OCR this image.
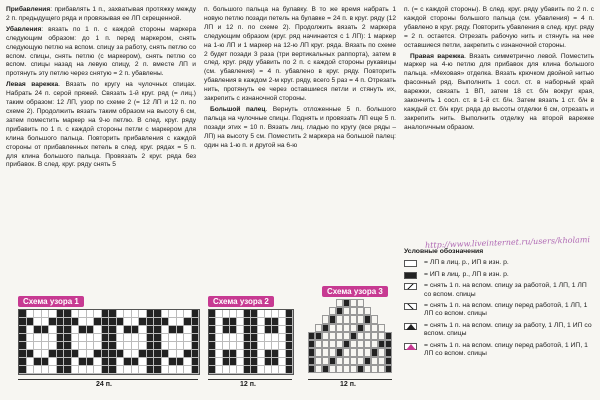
Прибавления: прибавлять 1 п., захватывая протяжку между 2 п. предыдущего ряда и провязывая ее ЛП скрещенной.

Убавления: вязать по 1 п. с каждой стороны маркера следующим образом: до 1 п. перед маркером, снять следующую петлю на вспом. спицу за работу, снять петлю со вспом. спицы, снять петлю (с маркером), снять петлю со вспом. спицы назад на левую спицу, 2 п. вместе ЛП и протянуть эту петлю через снятую = 2 п. убавлены.

Левая варежка. Вязать по кругу на чулочных спицах. Набрать 24 п. серой пряжей. Связать 1-й круг. ряд (= лиц.) таким образом: 12 ЛП, узор по схеме 2 (= 12 ЛП и 12 п. по схеме 2). Продолжить вязать таким образом на высоту 6 см, затем поместить маркер на 9-ю петлю. В след. круг. ряду прибавить по 1 п. с каждой стороны петли с маркером для клина большого пальца. Повторить прибавления с каждой стороны от прибавленных петель в след. круг. рядах = 5 п. для клина большого пальца. Провязать 2 круг. ряда без прибавок. В след. круг. ряду снять 5

п. большого пальца на булавку. В то же время набрать 1 новую петлю позади петель на булавке = 24 п. в круг. ряду (12 ЛП и 12 п. по схеме 2). Продолжить вязать 2 маркера следующим образом (круг. ряд начинается с 1 ЛП): 1 маркер на 1-ю ЛП и 1 маркер на 12-ю ЛП круг. ряда. Вязать по схеме 2 будет позади 3 раза (три вертикальных раппорта), затем в след. круг. ряду убавить по 2 п. с каждой стороны рукавицы (см. убавления) = 4 п. убавлено в круг. ряду. Повторить убавления в каждом 2-м круг. ряду, всего 5 раз = 4 п. Отрезать нить, протянуть ее через оставшиеся петли и стянуть их, закрепить с изнаночной стороны.

Большой палец. Вернуть отложенные 5 п. большого пальца на чулочные спицы. Поднять и провязать ЛП еще 5 п. позади этих = 10 п. Вязать лиц. гладью по кругу (все ряды – ЛП) на высоту 5 см. Поместить 2 маркера на большой палец: один на 1-ю п. и другой на 6-ю

п. (= с каждой стороны). В след. круг. ряду убавить по 2 п. с каждой стороны большого пальца (см. убавления) = 4 п. убавлено в круг. ряду. Повторить убавления в след. круг. ряду = 2 п. остается. Отрезать рабочую нить и стянуть на нее оставшиеся петли, закрепить с изнаночной стороны.

Правая варежка. Вязать симметрично левой. Поместить маркер на 4-ю петлю для прибавок для клина большого пальца. «Меховая» отделка. Вязать крючком двойной нитью фасонный ряд. Выполнить 1 сосл. ст. в наборный край варежки, связать 1 ВП, затем 18 ст. б/н вокруг края, закончить 1 сосл. ст. в 1-й ст. б/н. Затем вязать 1 ст. б/н в каждый ст. б/н круг. ряда до высоты отделки 6 см, отрезать и закрепить нить. Выполнить отделку на второй варежке аналогичным образом.

http://www.liveinternet.ru/users/kholami
Схема узора 1
24 п.
Схема узора 2
12 п.
Схема узора 3
12 п.
Условные обозначения
= ЛП в лиц. р., ИП в изн. р.
= ИП в лиц. р., ЛП в изн. р.
= снять 1 п. на вспом. спицу за работой, 1 ЛП, 1 ЛП со вспом. спицы
= снять 1 п. на вспом. спицу перед работой, 1 ЛП, 1 ЛП со вспом. спицы
= снять 1 п. на вспом. спицу за работу, 1 ЛП, 1 ИП со вспом. спицы
= снять 1 п. на вспом. спицу перед работой, 1 ИП, 1 ЛП со вспом. спицы
